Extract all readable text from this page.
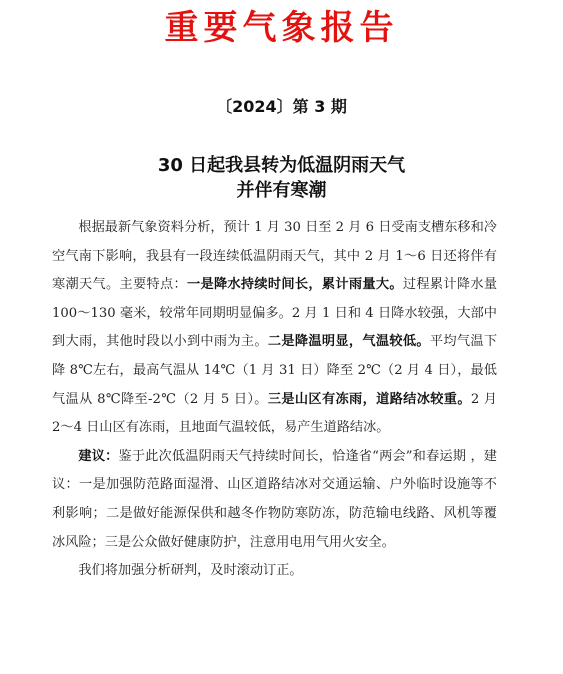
重要气象报告
〔2024〕第 3 期
30 日起我县转为低温阴雨天气
并伴有寒潮

根据最新气象资料分析，预计 1 月 30 日至 2 月 6 日受南支槽东移和冷空气南下影响，我县有一段连续低温阴雨天气，其中 2 月 1～6 日还将伴有寒潮天气。主要特点：一是降水持续时间长，累计雨量大。过程累计降水量 100～130 毫米，较常年同期明显偏多。2 月 1 日和 4 日降水较强，大部中到大雨，其他时段以小到中雨为主。二是降温明显，气温较低。平均气温下降 8℃左右，最高气温从 14℃（1 月 31 日）降至 2℃（2 月 4 日），最低气温从 8℃降至-2℃（2 月 5 日）。三是山区有冻雨，道路结冰较重。2 月 2～4 日山区有冻雨，且地面气温较低，易产生道路结冰。

建议：鉴于此次低温阴雨天气持续时间长，恰逢省“两会”和春运期 ，建议：一是加强防范路面湿滑、山区道路结冰对交通运输、户外临时设施等不利影响；二是做好能源保供和越冬作物防寒防冻，防范输电线路、风机等覆冰风险；三是公众做好健康防护，注意用电用气用火安全。

我们将加强分析研判，及时滚动订正。
